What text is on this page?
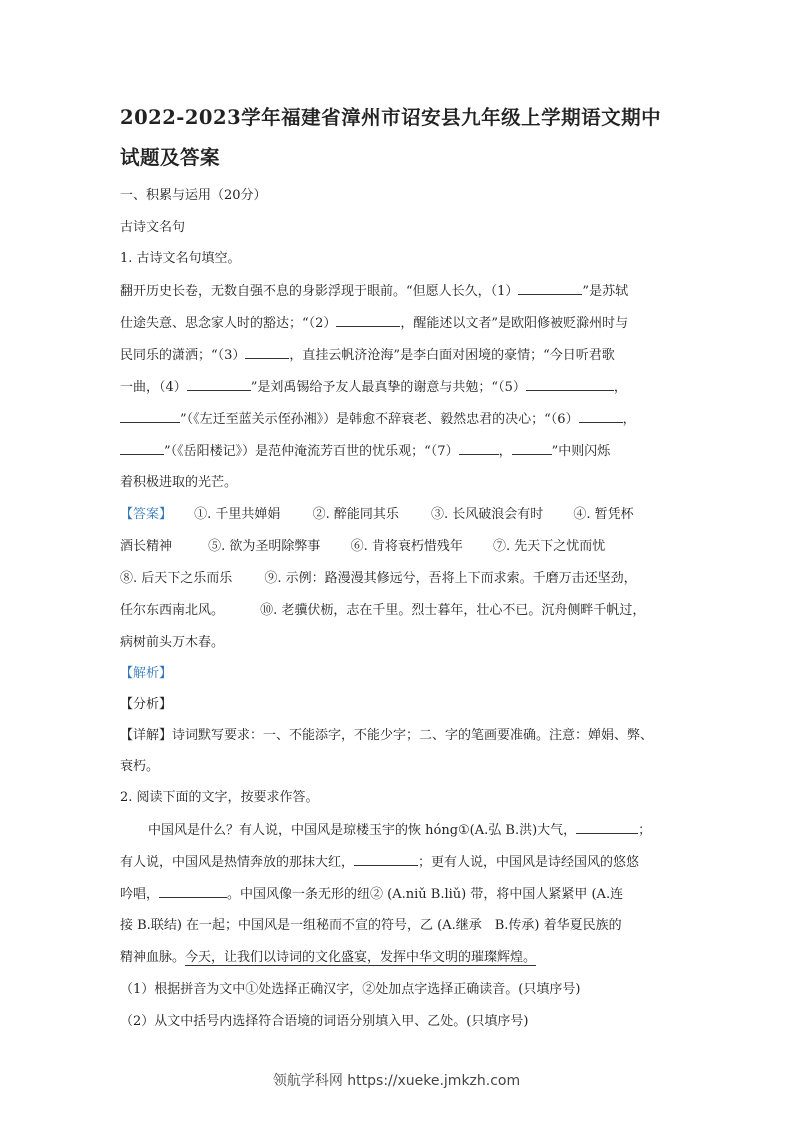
2022-2023学年福建省漳州市诏安县九年级上学期语文期中
试题及答案
一、积累与运用（20分）
古诗文名句
1. 古诗文名句填空。
翻开历史长卷，无数自强不息的身影浮现于眼前。“但愿人长久，（1）	”是苏轼
仕途失意、思念家人时的豁达；“（2）	，醒能述以文者”是欧阳修被贬滁州时与
民同乐的潇洒；“（3）	，直挂云帆济沧海”是李白面对困境的豪情；“今日听君歌
一曲，（4）	”是刘禹锡给予友人最真挚的谢意与共勉；“（5）	，
”（《左迁至蓝关示侄孙湘》）是韩愈不辞衰老、毅然忠君的决心；“（6）	，
”（《岳阳楼记》）是范仲淹流芳百世的忧乐观；“（7）	，	”中则闪烁
着积极进取的光芒。
【答案】 ①. 千里共婵娟 ②. 醉能同其乐 ③. 长风破浪会有时 ④. 暂凭杯
酒长精神	⑤. 欲为圣明除弊事 ⑥. 肯将衰朽惜残年 ⑦. 先天下之忧而忧
⑧. 后天下之乐而乐 ⑨. 示例：路漫漫其修远兮，吾将上下而求索。千磨万击还坚劲，
任尔东西南北风。	⑩. 老骥伏枥，志在千里。烈士暮年，壮心不已。沉舟侧畔千帆过，
病树前头万木春。
【解析】
【分析】
【详解】诗词默写要求：一、不能添字，不能少字；二、字的笔画要准确。注意：婵娟、弊、
衰朽。
2. 阅读下面的文字，按要求作答。
中国风是什么？有人说，中国风是琼楼玉宇的恢 hóng①(A.弘 B.洪)大气，	；
有人说，中国风是热情奔放的那抹大红，	；更有人说，中国风是诗经国风的悠悠
吟唱，	。中国风像一条无形的纽② (A.niǔ B.liǔ) 带，将中国人紧紧甲 (A.连
接 B.联结) 在一起；中国风是一组秘而不宣的符号，乙 (A.继承　B.传承) 着华夏民族的
精神血脉。今天，让我们以诗词的文化盛宴，发挥中华文明的璀璨辉煌。
（1）根据拼音为文中①处选择正确汉字，②处加点字选择正确读音。(只填序号)
（2）从文中括号内选择符合语境的词语分别填入甲、乙处。(只填序号)
领航学科网 https://xueke.jmkzh.com
